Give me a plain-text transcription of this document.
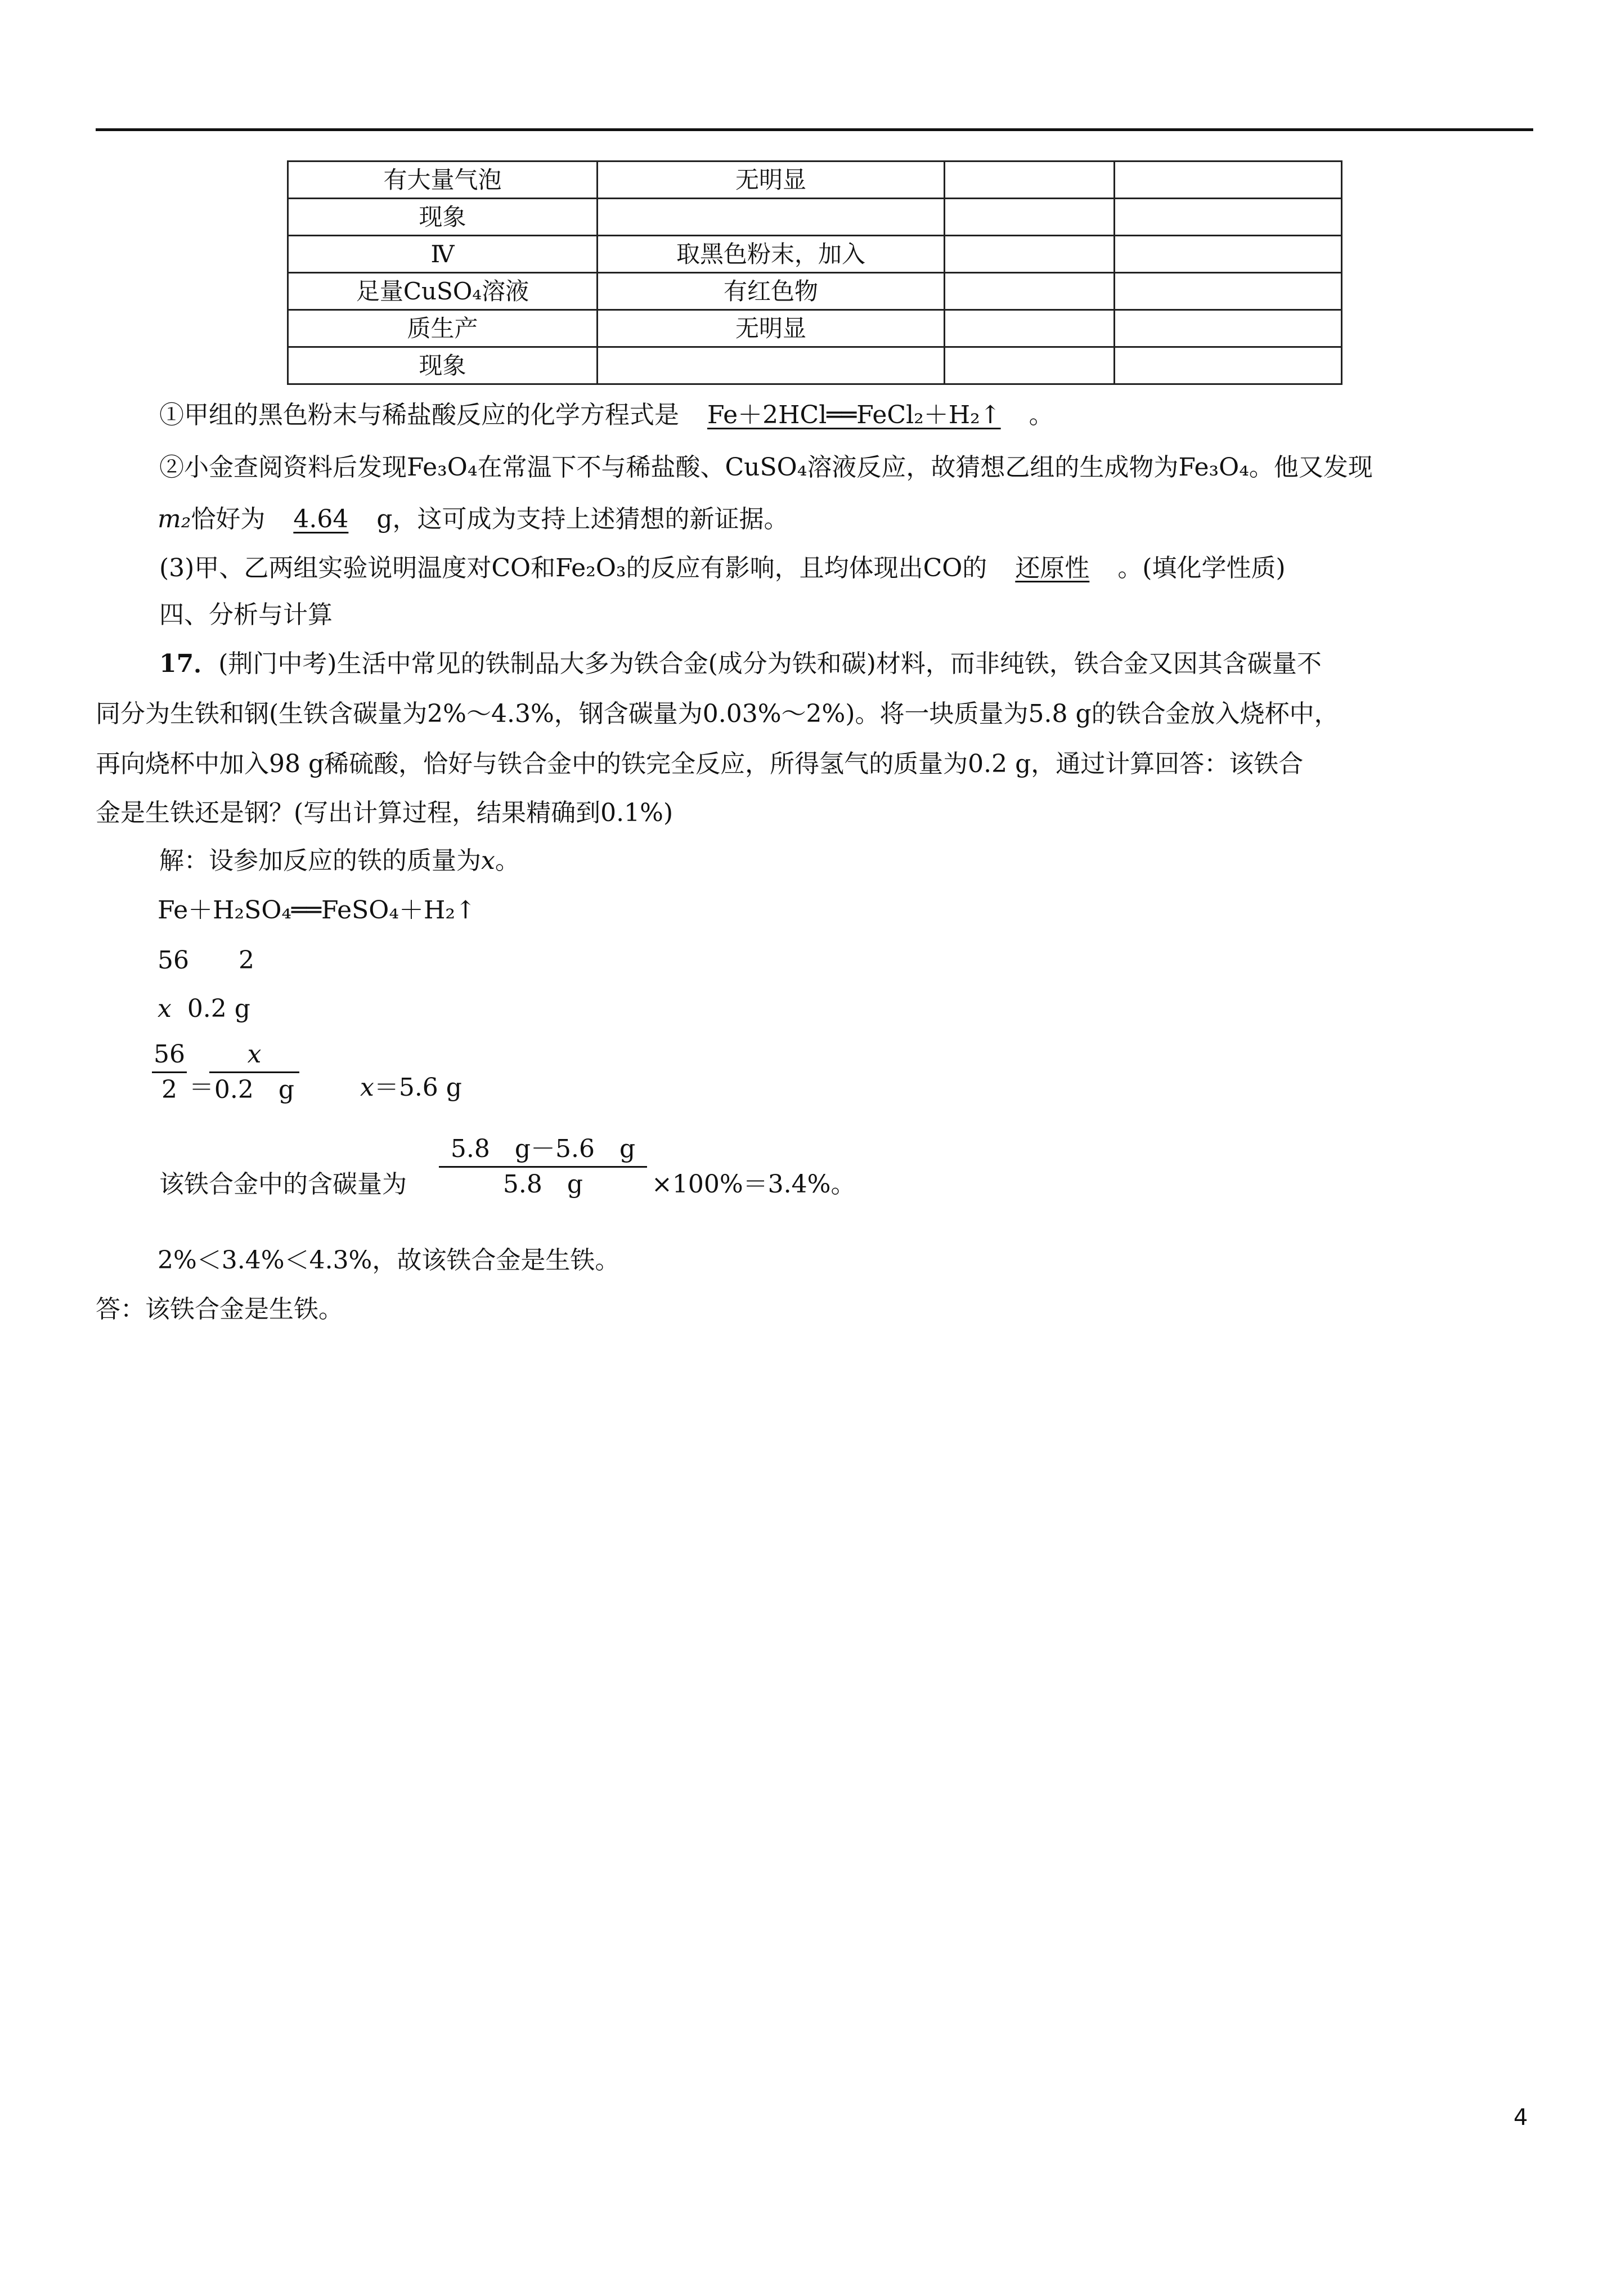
有大量气泡	无明显		
现象			
Ⅳ	取黑色粉末，加入		
足量CuSO₄溶液	有红色物		
质生产	无明显		
现象			
①甲组的黑色粉末与稀盐酸反应的化学方程式是 Fe＋2HCl══FeCl₂＋H₂↑ 。
②小金查阅资料后发现Fe₃O₄在常温下不与稀盐酸、CuSO₄溶液反应，故猜想乙组的生成物为Fe₃O₄。他又发现
m₂恰好为 4.64 g，这可成为支持上述猜想的新证据。
(3)甲、乙两组实验说明温度对CO和Fe₂O₃的反应有影响，且均体现出CO的 还原性 。(填化学性质)
四、分析与计算
17．(荆门中考)生活中常见的铁制品大多为铁合金(成分为铁和碳)材料，而非纯铁，铁合金又因其含碳量不
同分为生铁和钢(生铁含碳量为2%～4.3%，钢含碳量为0.03%～2%)。将一块质量为5.8 g的铁合金放入烧杯中，
再向烧杯中加入98 g稀硫酸，恰好与铁合金中的铁完全反应，所得氢气的质量为0.2 g，通过计算回答：该铁合
金是生铁还是钢？(写出计算过程，结果精确到0.1%)
解：设参加反应的铁的质量为x。
Fe＋H₂SO₄══FeSO₄＋H₂↑
56　　2
x 0.2 g
56
2 ＝
x
0.2　g	x＝5.6 g
该铁合金中的含碳量为
5.8　g－5.6　g
5.8　g	×100%＝3.4%。
2%＜3.4%＜4.3%，故该铁合金是生铁。
答：该铁合金是生铁。
4
